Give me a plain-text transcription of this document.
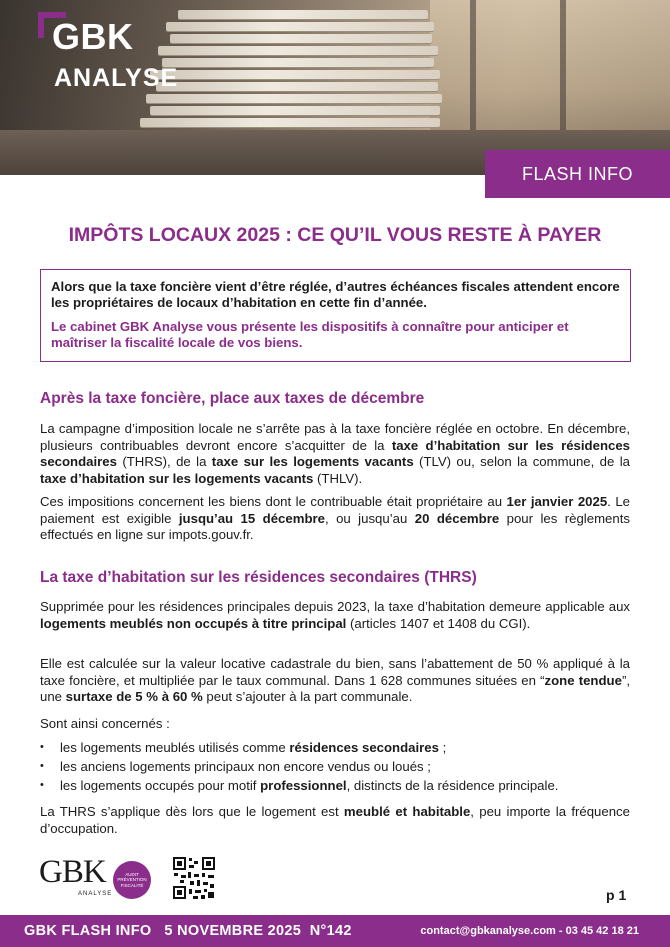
GBK
ANALYSE
FLASH INFO
IMPÔTS LOCAUX 2025 : CE QU’IL VOUS RESTE À PAYER

Alors que la taxe foncière vient d’être réglée, d’autres échéances fiscales attendent encore les propriétaires de locaux d’habitation en cette fin d’année.

Le cabinet GBK Analyse vous présente les dispositifs à connaître pour anticiper et maîtriser la fiscalité locale de vos biens.

Après la taxe foncière, place aux taxes de décembre

La campagne d’imposition locale ne s’arrête pas à la taxe foncière réglée en octobre. En décembre, plusieurs contribuables devront encore s’acquitter de la taxe d’habitation sur les résidences secondaires (THRS), de la taxe sur les logements vacants (TLV) ou, selon la commune, de la taxe d’habitation sur les logements vacants (THLV).

Ces impositions concernent les biens dont le contribuable était propriétaire au 1er janvier 2025. Le paiement est exigible jusqu’au 15 décembre, ou jusqu’au 20 décembre pour les règlements effectués en ligne sur impots.gouv.fr.

La taxe d’habitation sur les résidences secondaires (THRS)

Supprimée pour les résidences principales depuis 2023, la taxe d’habitation demeure applicable aux logements meublés non occupés à titre principal (articles 1407 et 1408 du CGI).

Elle est calculée sur la valeur locative cadastrale du bien, sans l’abattement de 50 % appliqué à la taxe foncière, et multipliée par le taux communal. Dans 1 628 communes situées en “zone tendue”, une surtaxe de 5 % à 60 % peut s’ajouter à la part communale.

Sont ainsi concernés :

• les logements meublés utilisés comme résidences secondaires ;
• les anciens logements principaux non encore vendus ou loués ;
• les logements occupés pour motif professionnel, distincts de la résidence principale.

La THRS s’applique dès lors que le logement est meublé et habitable, peu importe la fréquence d’occupation.

GBK
ANALYSE
AUDIT
PRÉVENTION
FISCALITÉ
p 1
GBK FLASH INFO   5 NOVEMBRE 2025  N°142	contact@gbkanalyse.com - 03 45 42 18 21
